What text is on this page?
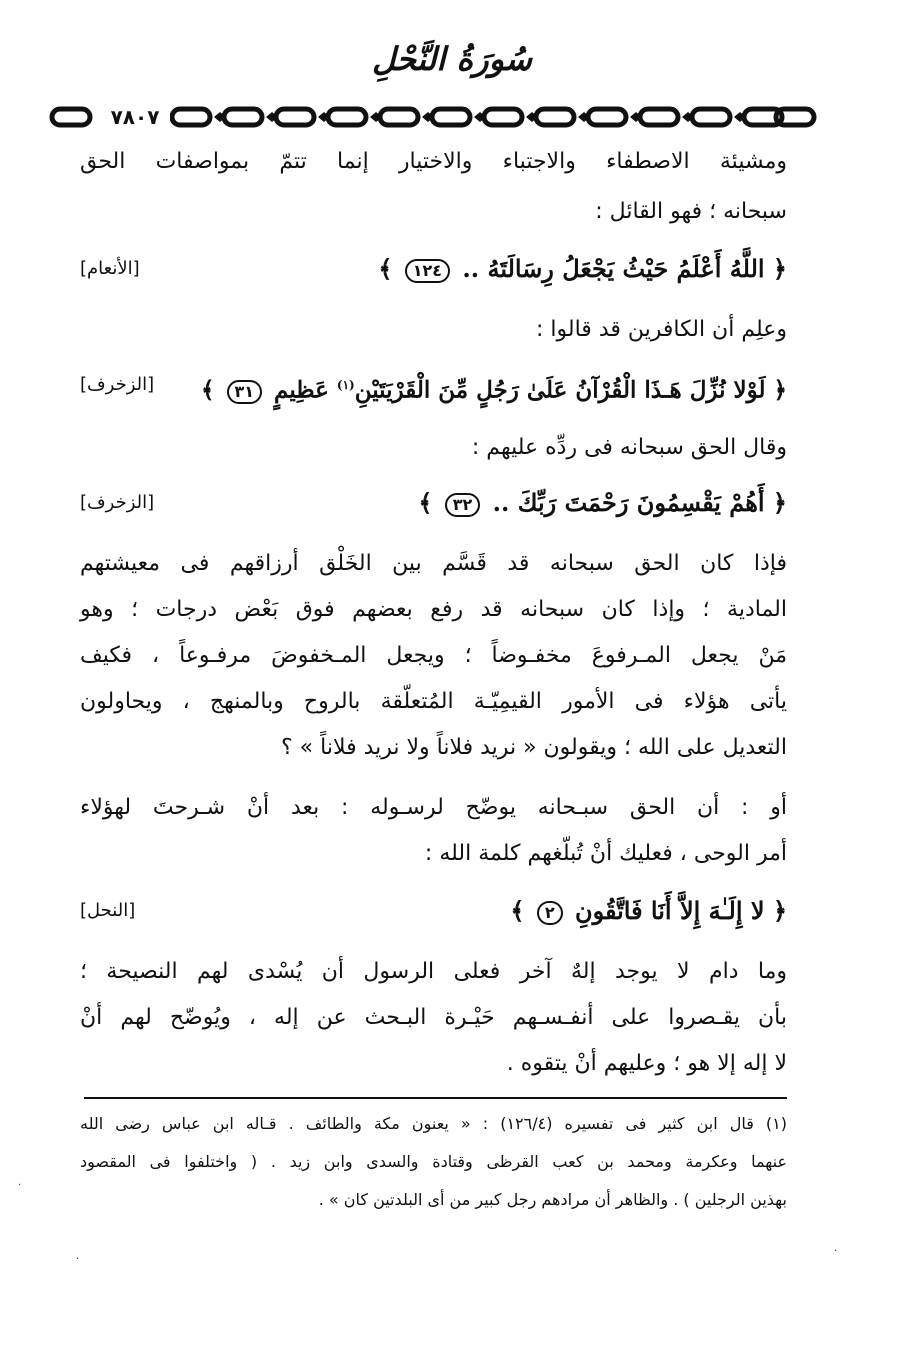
سُورَةُ النَّحْلِ
٧٨٠٧
ومشيئة الاصطفاء والاجتباء والاختيار إنما تتمّ بمواصفات الحق
سبحانه ؛ فهو القائل :
﴿ اللَّهُ أَعْلَمُ حَيْثُ يَجْعَلُ رِسَالَتَهُ .. ١٢٤ ﴾
[الأنعام]
وعلِم أن الكافرين قد قالوا :
﴿ لَوْلا نُزِّلَ هَـذَا الْقُرْآنُ عَلَىٰ رَجُلٍ مِّنَ الْقَرْيَتَيْنِ$^{(١)}$ عَظِيمٍ ٣١ ﴾
[الزخرف]
وقال الحق سبحانه فى ردِّه عليهم :
﴿ أَهُمْ يَقْسِمُونَ رَحْمَتَ رَبِّكَ .. ٣٢ ﴾
[الزخرف]
فإذا كان الحق سبحانه قد قَسَّم بين الخَلْق أرزاقهم فى معيشتهم
المادية ؛ وإذا كان سبحانه قد رفع بعضهم فوق بَعْض درجات ؛ وهو
مَنْ يجعل المـرفوعَ مخفـوضاً ؛ ويجعل المـخفوضَ مرفـوعاً ، فكيف
يأتى هؤلاء فى الأمور القيمِيّـة المُتعلّقة بالروح وبالمنهج ، ويحاولون
التعديل على الله ؛ ويقولون « نريد فلاناً ولا نريد فلاناً » ؟
أو : أن الحق سبـحانه يوضّح لرسـوله : بعد أنْ شـرحتَ لهؤلاء
أمر الوحى ، فعليك أنْ تُبلّغهم كلمة الله :
﴿ لا إِلَـٰهَ إِلاَّ أَنَا فَاتَّقُونِ ٢ ﴾
[النحل]
وما دام لا يوجد إلهٌ آخر فعلى الرسول أن يُسْدى لهم النصيحة ؛
بأن يقـصروا على أنفـسـهم حَيْـرة البـحث عن إله ، ويُوضّح لهم أنْ
لا إله إلا هو ؛ وعليهم أنْ يتقوه .
(١) قال ابن كثير فى تفسيره (١٢٦/٤) : « يعنون مكة والطائف . قـاله ابن عباس رضى الله
عنهما وعكرمة ومحمد بن كعب القرظى وقتادة والسدى وابن زيد . ( واختلفوا فى المقصود
بهذين الرجلين ) . والظاهر أن مرادهم رجل كبير من أى البلدتين كان » .
·
·
·
